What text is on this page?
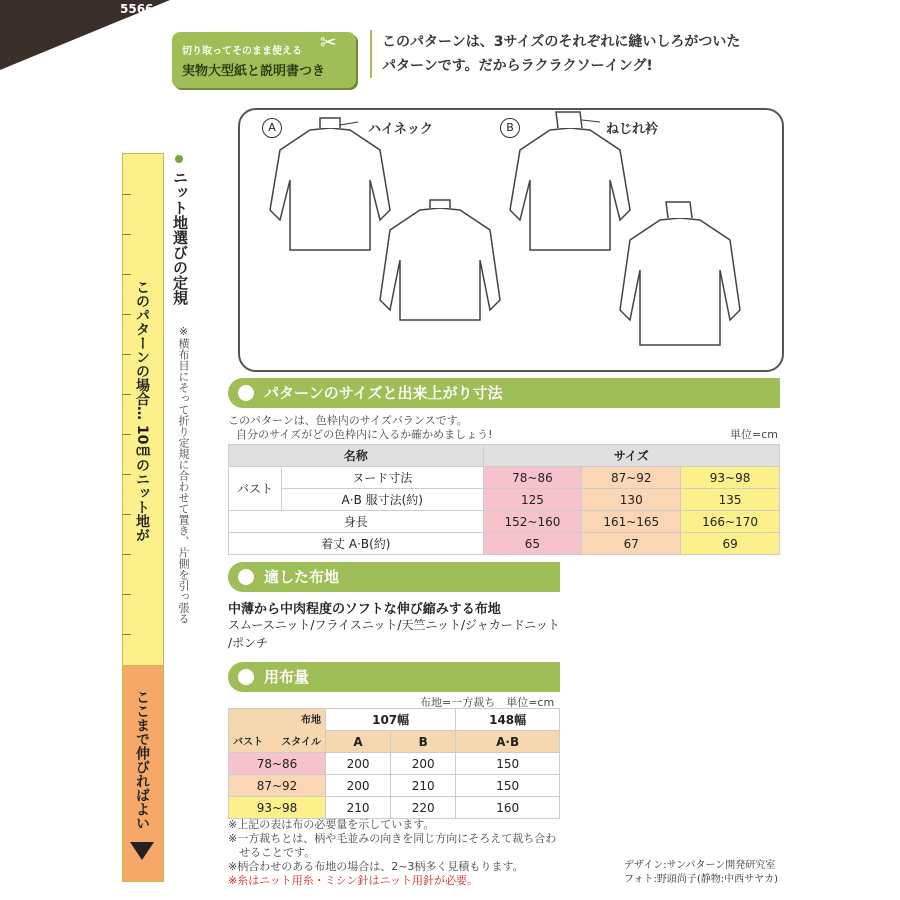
5566
切り取ってそのまま使える
実物大型紙と説明書つき
✂	このパターンは、3サイズのそれぞれに縫いしろがついた
パターンです。だからラクラクソーイング!
このパターンの場合… 10㎝のニット地が
ここまで伸びればよい
ニット地選びの定規
※横布目にそって折り定規に合わせて置き、片側を引っ張る
A	ハイネック	B	ねじれ衿
パターンのサイズと出来上がり寸法
このパターンは、色枠内のサイズバランスです。
自分のサイズがどの色枠内に入るか確かめましょう!	単位=cm
名称		サイズ		
バスト	ヌード寸法	78~86	87~92	93~98
	A·B 服寸法(約)	125	130	135
身長		152~160	161~165	166~170
着丈 A·B(約)		65	67	69
適した布地
中薄から中肉程度のソフトな伸び縮みする布地
スムースニット/フライスニット/天竺ニット/ジャカードニット
/ポンチ
用布量
布地=一方裁ち　単位=cm
布地
スタイル
バスト	107幅		148幅
	A	B	A·B
78~86	200	200	150
87~92	200	210	150
93~98	210	220	160
※上記の表は布の必要量を示しています。
※一方裁ちとは、柄や毛並みの向きを同じ方向にそろえて裁ち合わ
　せることです。
※柄合わせのある布地の場合は、2~3柄多く見積もります。
※糸はニット用糸・ミシン針はニット用針が必要。
デザイン:サンパターン開発研究室
フォト:野頭尚子(静物:中西サヤカ)
